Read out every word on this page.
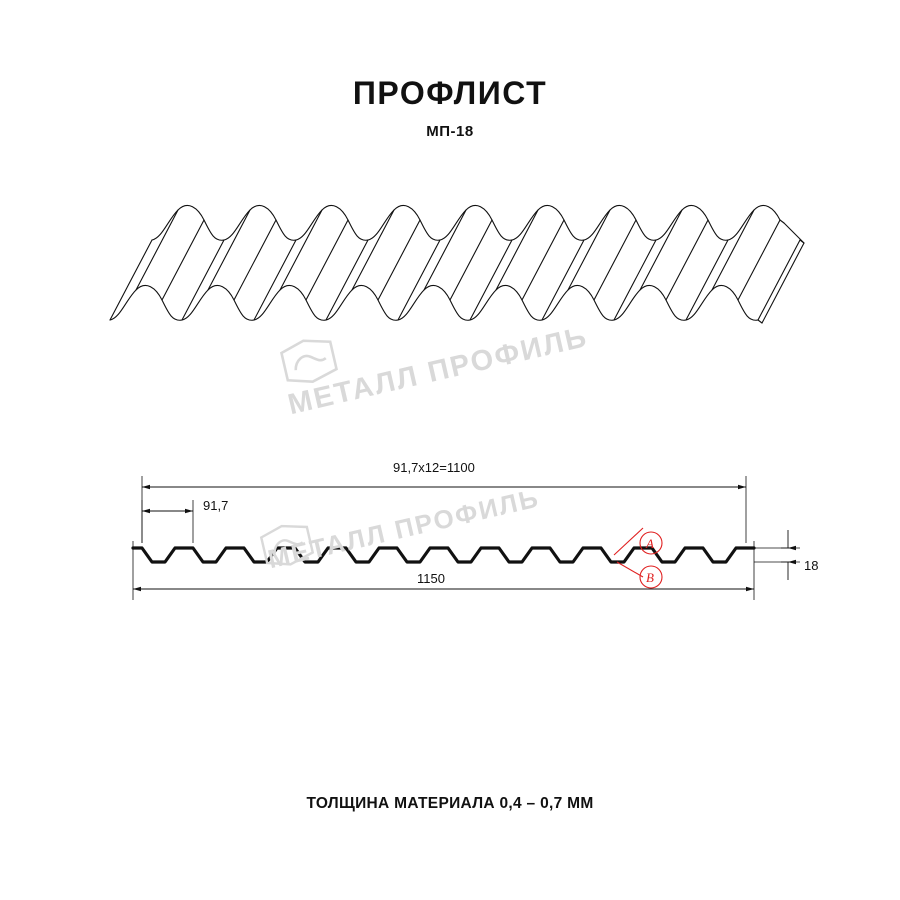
ПРОФЛИСТ
МП-18
МЕТАЛЛ ПРОФИЛЬ
91,7x12=1100
91,7
1150
18
A
B
МЕТАЛЛ ПРОФИЛЬ
ТОЛЩИНА МАТЕРИАЛА 0,4 – 0,7 ММ
